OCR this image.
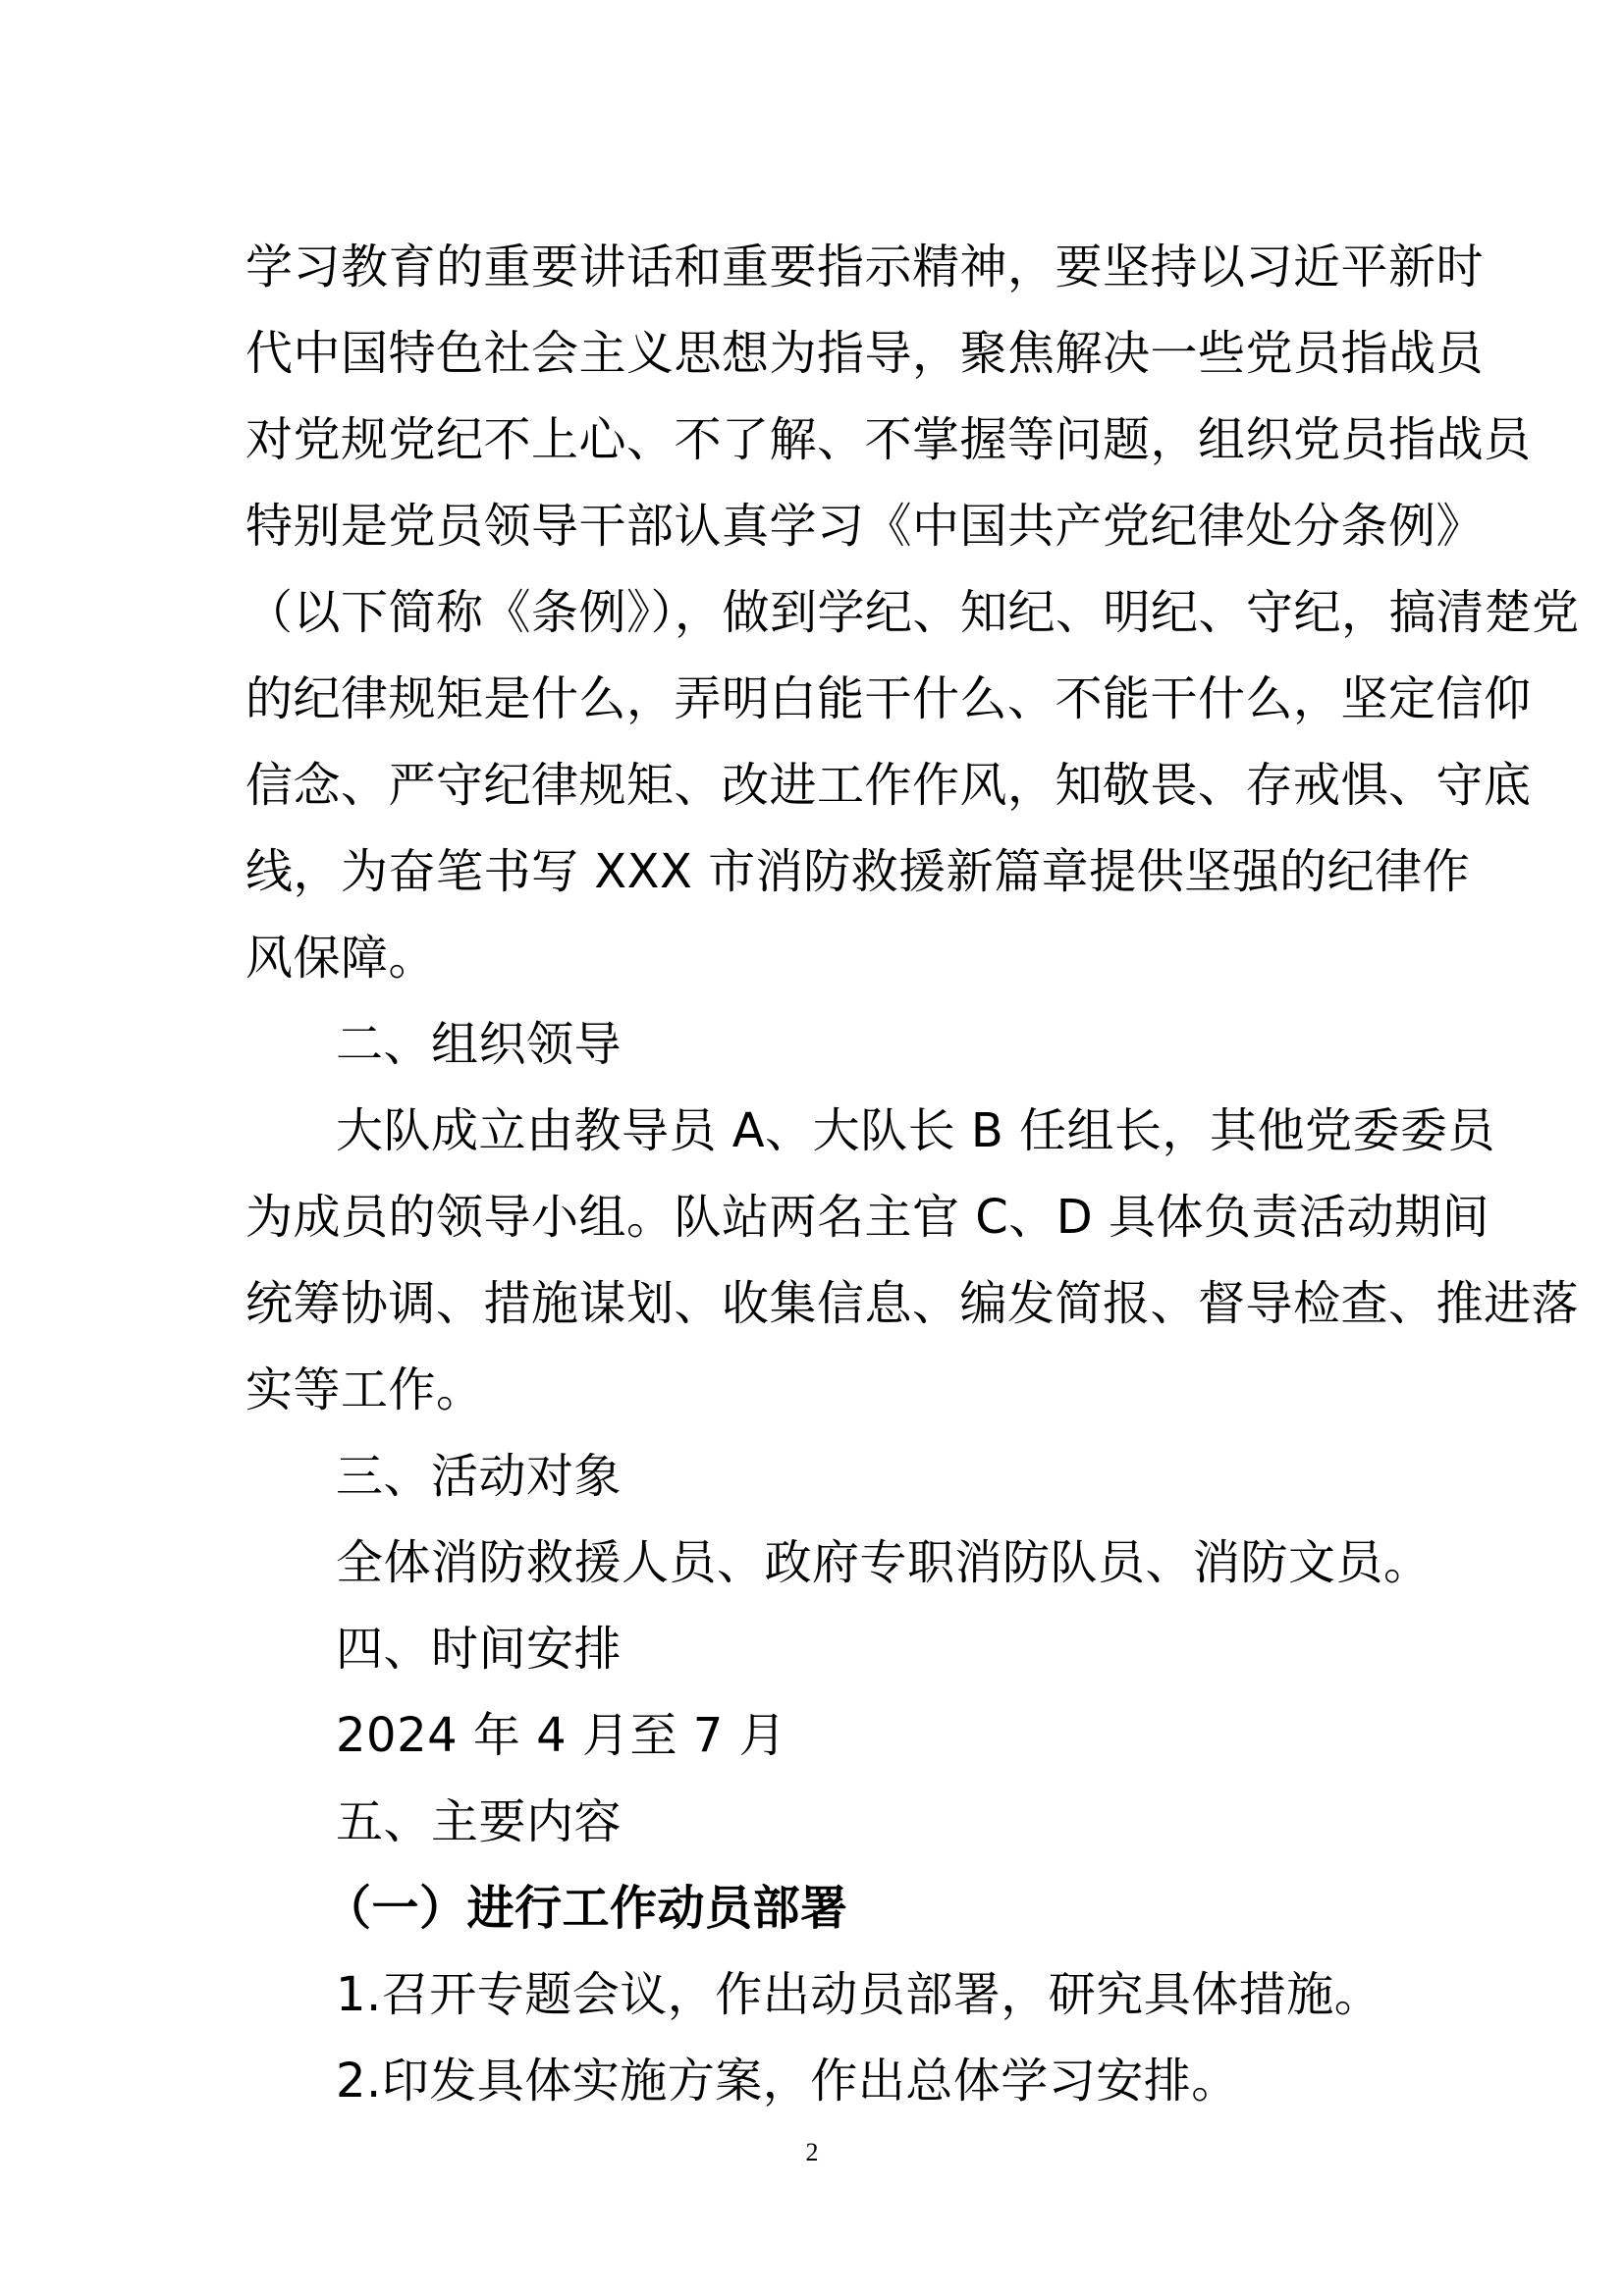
学习教育的重要讲话和重要指示精神，要坚持以习近平新时
代中国特色社会主义思想为指导，聚焦解决一些党员指战员
对党规党纪不上心、不了解、不掌握等问题，组织党员指战员
特别是党员领导干部认真学习《中国共产党纪律处分条例》
（以下简称《条例》），做到学纪、知纪、明纪、守纪，搞清楚党
的纪律规矩是什么，弄明白能干什么、不能干什么，坚定信仰
信念、严守纪律规矩、改进工作作风，知敬畏、存戒惧、守底
线，为奋笔书写 XXX 市消防救援新篇章提供坚强的纪律作
风保障。
二、组织领导
大队成立由教导员 A、大队长 B 任组长，其他党委委员
为成员的领导小组。队站两名主官 C、D 具体负责活动期间
统筹协调、措施谋划、收集信息、编发简报、督导检查、推进落
实等工作。
三、活动对象
全体消防救援人员、政府专职消防队员、消防文员。
四、时间安排
2024 年 4 月至 7 月
五、主要内容
（一）进行工作动员部署
1.召开专题会议，作出动员部署，研究具体措施。
2.印发具体实施方案，作出总体学习安排。
2
